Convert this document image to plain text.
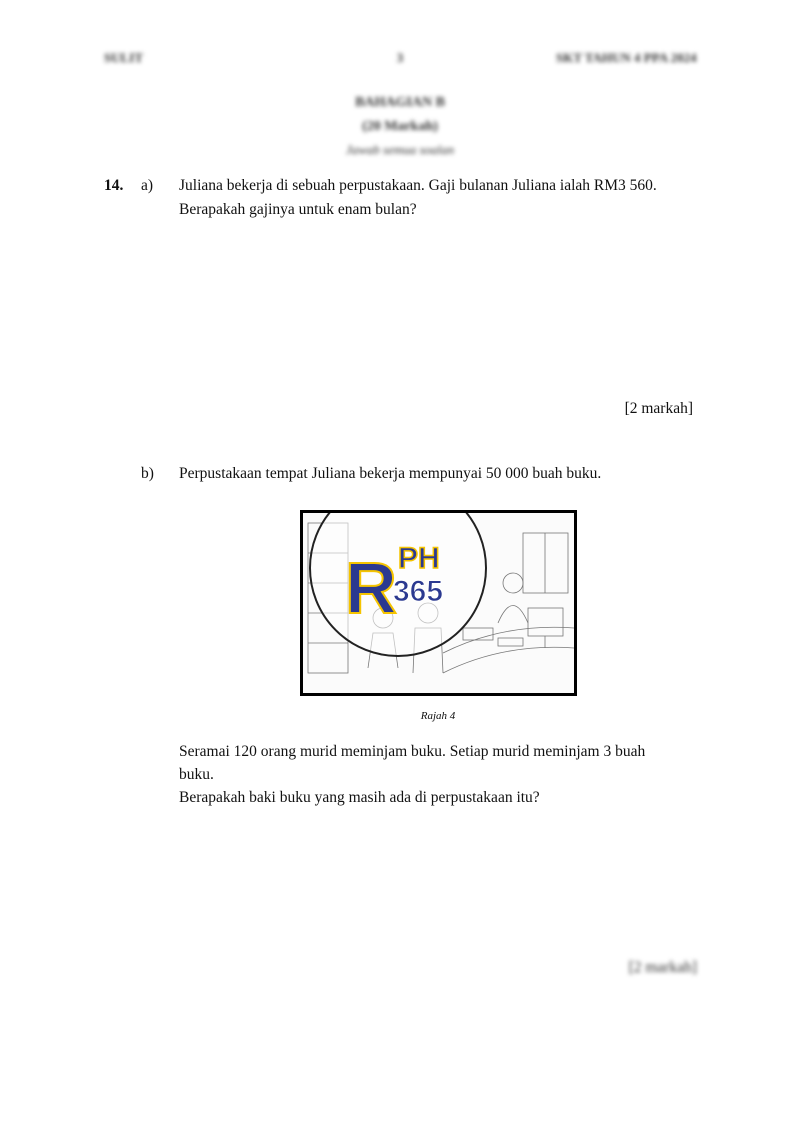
SULIT	3	SKT TAHUN 4 PPA 2024
BAHAGIAN B
(20 Markah)
Jawab semua soalan
14. a) Juliana bekerja di sebuah perpustakaan. Gaji bulanan Juliana ialah RM3 560.
Berapakah gajinya untuk enam bulan?
[2 markah]
b) Perpustakaan tempat Juliana bekerja mempunyai 50 000 buah buku.
R PH
365
Rajah 4
Seramai 120 orang murid meminjam buku. Setiap murid meminjam 3 buah
buku.
Berapakah baki buku yang masih ada di perpustakaan itu?
[2 markah]
